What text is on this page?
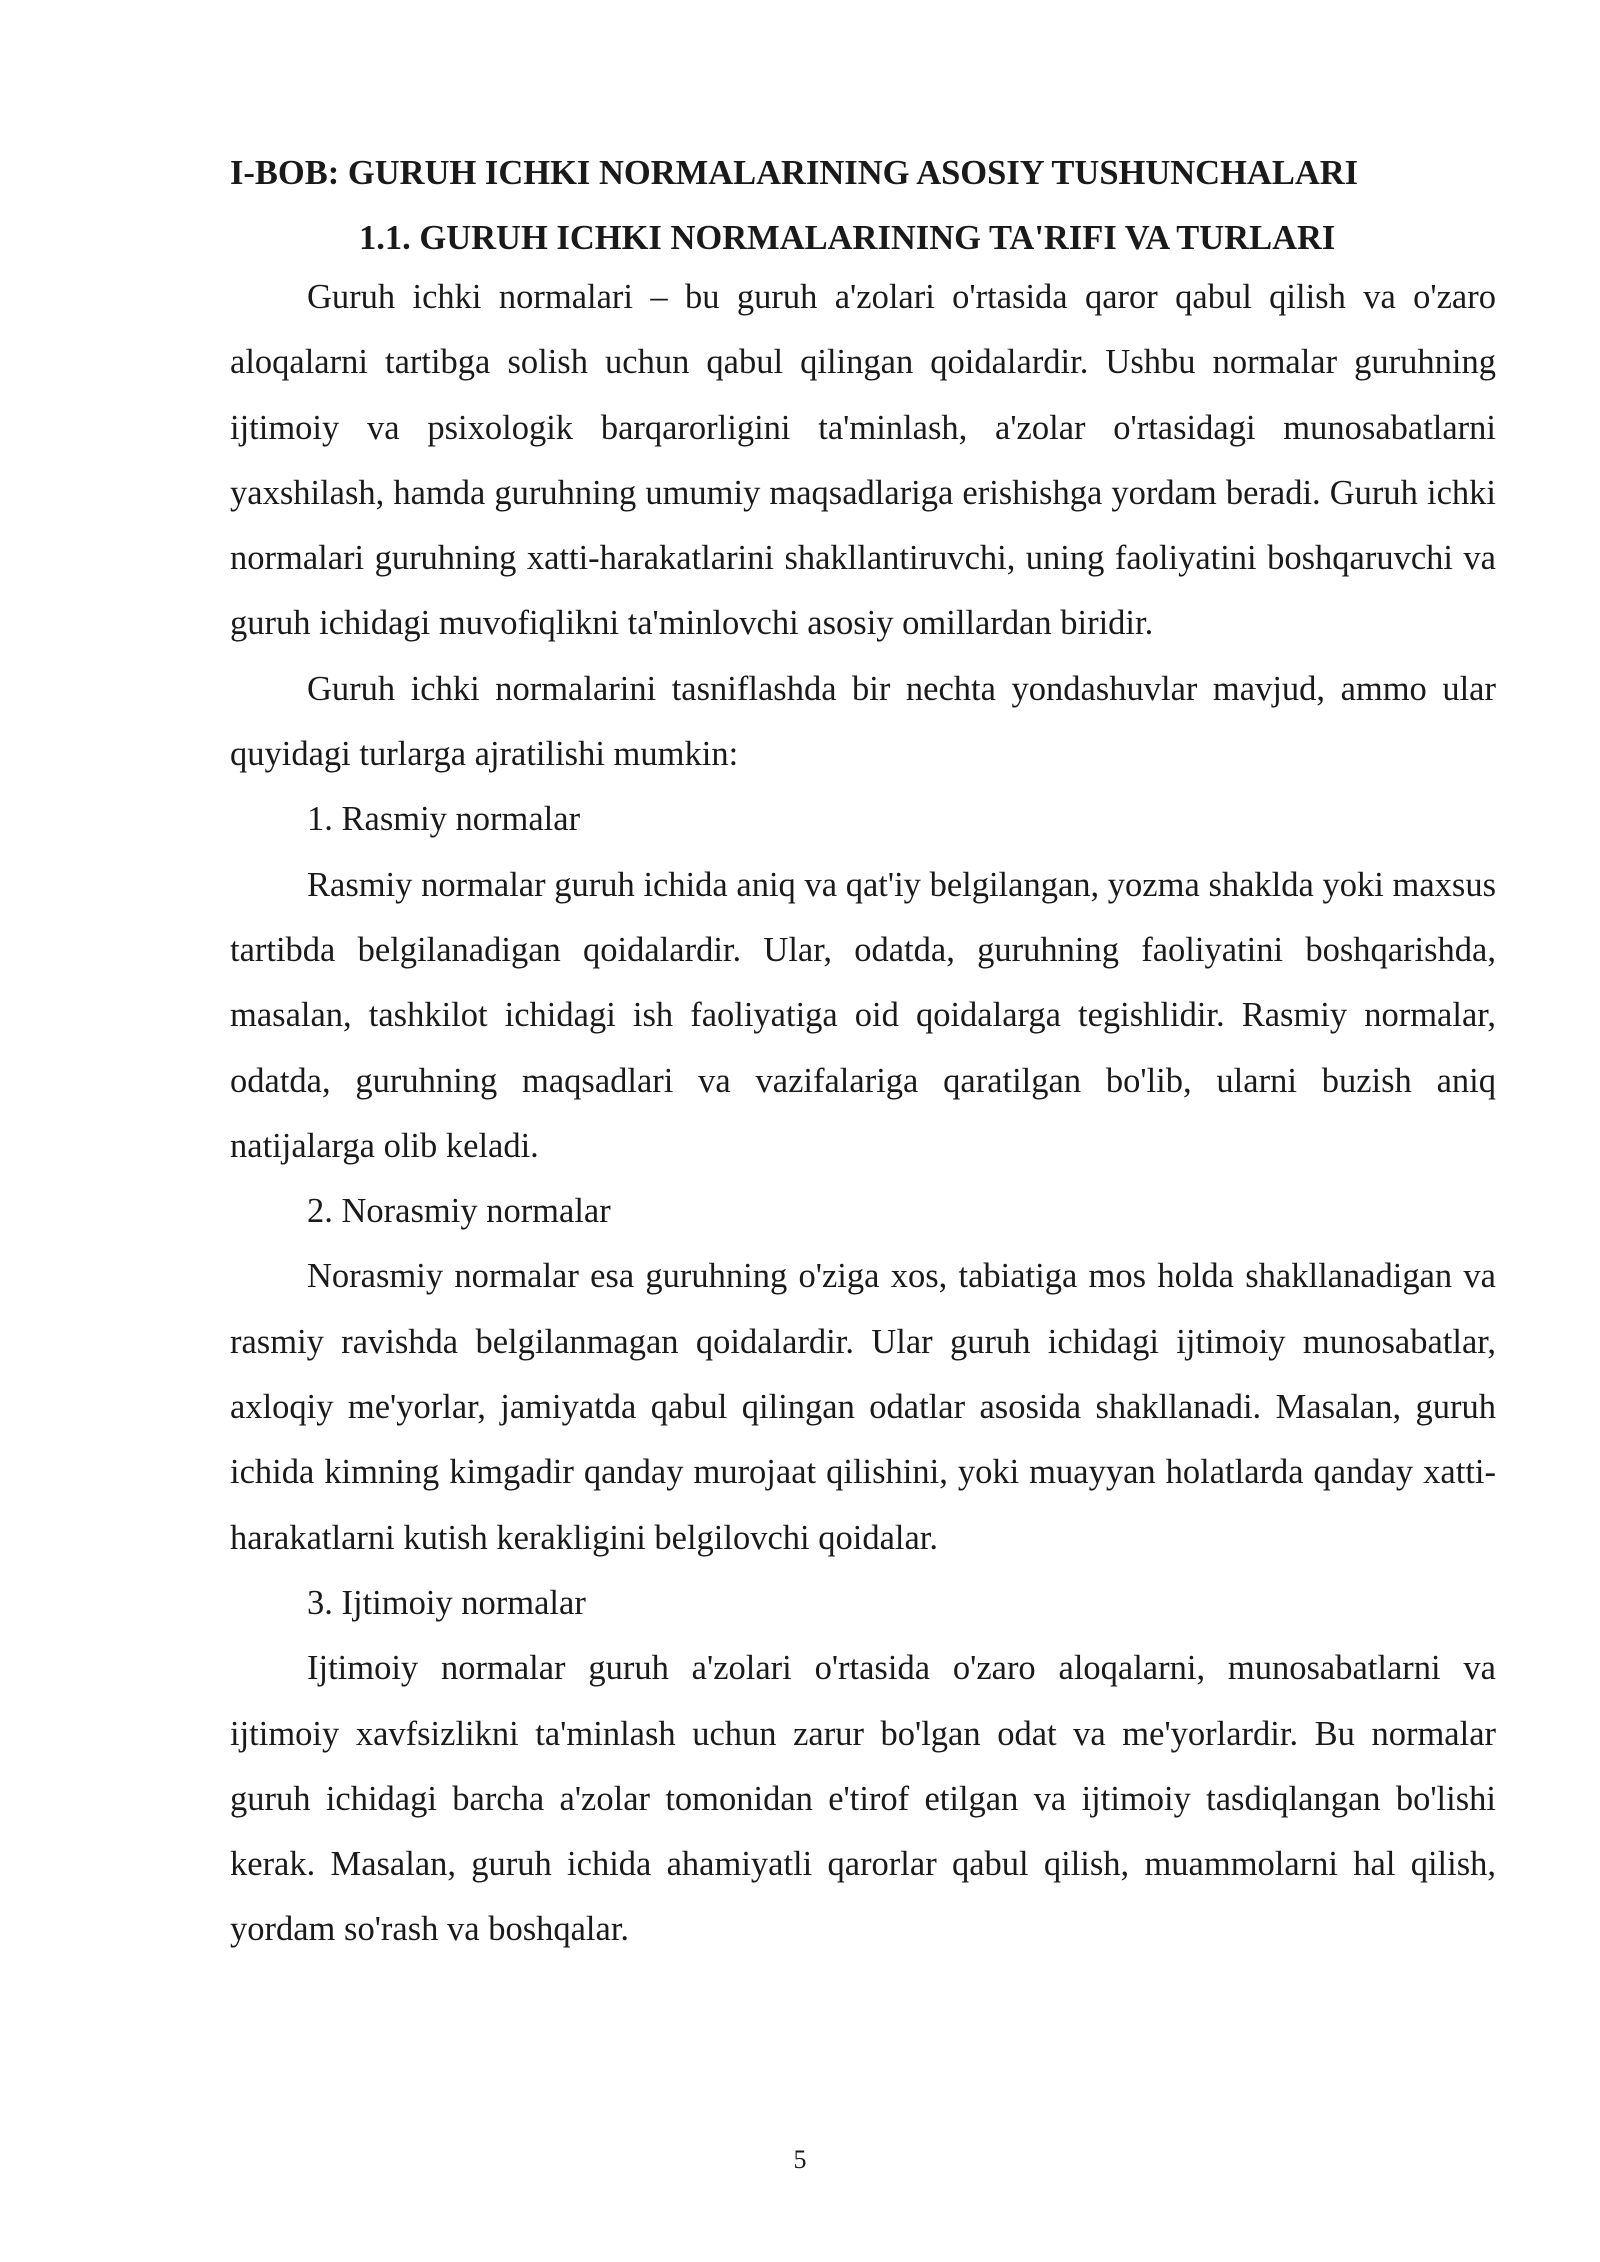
I-BOB: GURUH ICHKI NORMALARINING ASOSIY TUSHUNCHALARI
1.1. GURUH ICHKI NORMALARINING TA'RIFI VA TURLARI

Guruh ichki normalari – bu guruh a'zolari o'rtasida qaror qabul qilish va o'zaro aloqalarni tartibga solish uchun qabul qilingan qoidalardir. Ushbu normalar guruhning ijtimoiy va psixologik barqarorligini ta'minlash, a'zolar o'rtasidagi munosabatlarni yaxshilash, hamda guruhning umumiy maqsadlariga erishishga yordam beradi. Guruh ichki normalari guruhning xatti-harakatlarini shakllantiruvchi, uning faoliyatini boshqaruvchi va guruh ichidagi muvofiqlikni ta'minlovchi asosiy omillardan biridir.

Guruh ichki normalarini tasniflashda bir nechta yondashuvlar mavjud, ammo ular quyidagi turlarga ajratilishi mumkin:

1. Rasmiy normalar

Rasmiy normalar guruh ichida aniq va qat'iy belgilangan, yozma shaklda yoki maxsus tartibda belgilanadigan qoidalardir. Ular, odatda, guruhning faoliyatini boshqarishda, masalan, tashkilot ichidagi ish faoliyatiga oid qoidalarga tegishlidir. Rasmiy normalar, odatda, guruhning maqsadlari va vazifalariga qaratilgan bo'lib, ularni buzish aniq natijalarga olib keladi.

2. Norasmiy normalar

Norasmiy normalar esa guruhning o'ziga xos, tabiatiga mos holda shakllanadigan va rasmiy ravishda belgilanmagan qoidalardir. Ular guruh ichidagi ijtimoiy munosabatlar, axloqiy me'yorlar, jamiyatda qabul qilingan odatlar asosida shakllanadi. Masalan, guruh ichida kimning kimgadir qanday murojaat qilishini, yoki muayyan holatlarda qanday xatti-harakatlarni kutish kerakligini belgilovchi qoidalar.

3. Ijtimoiy normalar

Ijtimoiy normalar guruh a'zolari o'rtasida o'zaro aloqalarni, munosabatlarni va ijtimoiy xavfsizlikni ta'minlash uchun zarur bo'lgan odat va me'yorlardir. Bu normalar guruh ichidagi barcha a'zolar tomonidan e'tirof etilgan va ijtimoiy tasdiqlangan bo'lishi kerak. Masalan, guruh ichida ahamiyatli qarorlar qabul qilish, muammolarni hal qilish, yordam so'rash va boshqalar.

5
